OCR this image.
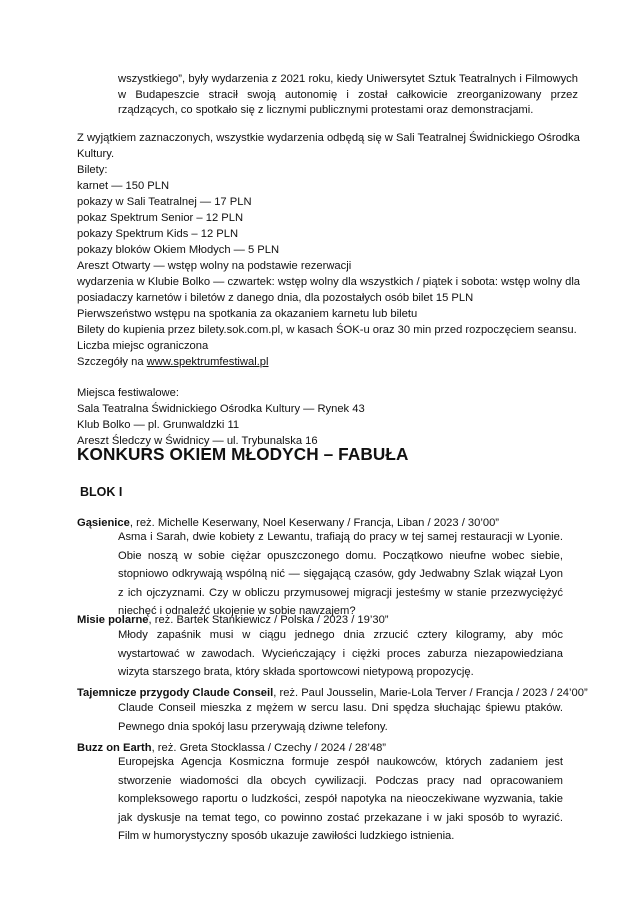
wszystkiego”, były wydarzenia z 2021 roku, kiedy Uniwersytet Sztuk Teatralnych i Filmowych w Budapeszcie stracił swoją autonomię i został całkowicie zreorganizowany przez rządzących, co spotkało się z licznymi publicznymi protestami oraz demonstracjami.

Z wyjątkiem zaznaczonych, wszystkie wydarzenia odbędą się w Sali Teatralnej Świdnickiego Ośrodka
Kultury.
Bilety:
karnet — 150 PLN
pokazy w Sali Teatralnej — 17 PLN
pokaz Spektrum Senior – 12 PLN
pokazy Spektrum Kids – 12 PLN
pokazy bloków Okiem Młodych — 5 PLN
Areszt Otwarty — wstęp wolny na podstawie rezerwacji
wydarzenia w Klubie Bolko — czwartek: wstęp wolny dla wszystkich / piątek i sobota: wstęp wolny dla
posiadaczy karnetów i biletów z danego dnia, dla pozostałych osób bilet 15 PLN
Pierwszeństwo wstępu na spotkania za okazaniem karnetu lub biletu
Bilety do kupienia przez bilety.sok.com.pl, w kasach ŚOK-u oraz 30 min przed rozpoczęciem seansu.
Liczba miejsc ograniczona
Szczegóły na www.spektrumfestiwal.pl
Miejsca festiwalowe:
Sala Teatralna Świdnickiego Ośrodka Kultury — Rynek 43
Klub Bolko — pl. Grunwaldzki 11
Areszt Śledczy w Świdnicy — ul. Trybunalska 16
KONKURS OKIEM MŁODYCH – FABUŁA
BLOK I
Gąsienice, reż. Michelle Keserwany, Noel Keserwany / Francja, Liban / 2023 / 30’00”

Asma i Sarah, dwie kobiety z Lewantu, trafiają do pracy w tej samej restauracji w Lyonie. Obie noszą w sobie ciężar opuszczonego domu. Początkowo nieufne wobec siebie, stopniowo odkrywają wspólną nić — sięgającą czasów, gdy Jedwabny Szlak wiązał Lyon z ich ojczyznami. Czy w obliczu przymusowej migracji jesteśmy w stanie przezwyciężyć niechęć i odnaleźć ukojenie w sobie nawzajem?

Misie polarne, reż. Bartek Stankiewicz / Polska / 2023 / 19’30”

Młody zapaśnik musi w ciągu jednego dnia zrzucić cztery kilogramy, aby móc wystartować w zawodach. Wycieńczający i ciężki proces zaburza niezapowiedziana wizyta starszego brata, który składa sportowcowi nietypową propozycję.

Tajemnicze przygody Claude Conseil, reż. Paul Jousselin, Marie-Lola Terver / Francja / 2023 / 24’00”

Claude Conseil mieszka z mężem w sercu lasu. Dni spędza słuchając śpiewu ptaków. Pewnego dnia spokój lasu przerywają dziwne telefony.

Buzz on Earth, reż. Greta Stocklassa / Czechy / 2024 / 28’48”

Europejska Agencja Kosmiczna formuje zespół naukowców, których zadaniem jest stworzenie wiadomości dla obcych cywilizacji. Podczas pracy nad opracowaniem kompleksowego raportu o ludzkości, zespół napotyka na nieoczekiwane wyzwania, takie jak dyskusje na temat tego, co powinno zostać przekazane i w jaki sposób to wyrazić. Film w humorystyczny sposób ukazuje zawiłości ludzkiego istnienia.
